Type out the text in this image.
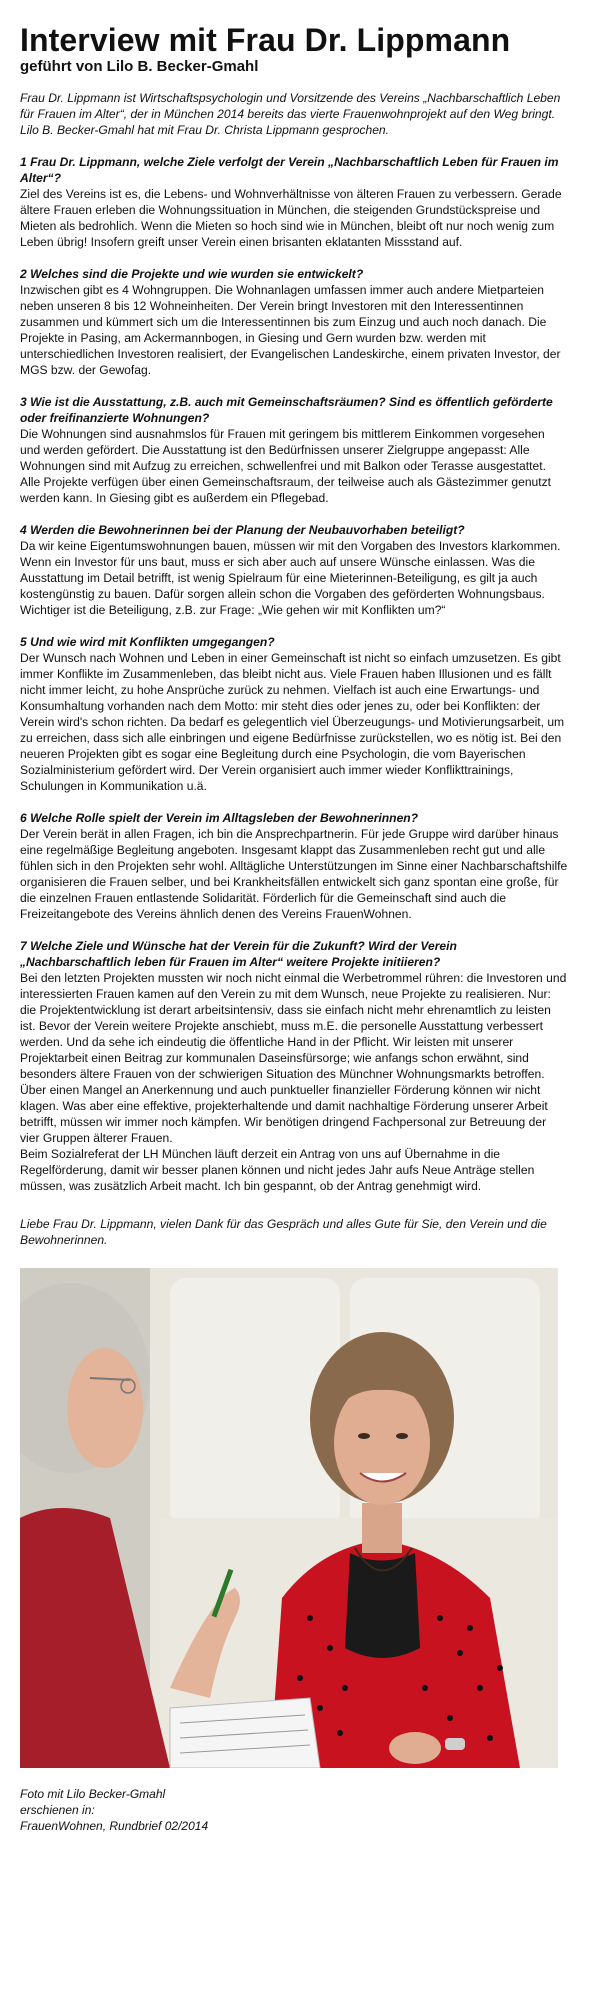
Interview mit Frau Dr. Lippmann
geführt von Lilo B. Becker-Gmahl

Frau Dr. Lippmann ist Wirtschaftspsychologin und Vorsitzende des Vereins „Nachbarschaftlich Leben für Frauen im Alter“, der in München 2014 bereits das vierte Frauenwohnprojekt auf den Weg bringt. Lilo B. Becker-Gmahl hat mit Frau Dr. Christa Lippmann gesprochen.

1 Frau Dr. Lippmann, welche Ziele verfolgt der Verein „Nachbarschaftlich Leben für Frauen im Alter“?

Ziel des Vereins ist es, die Lebens- und Wohnverhältnisse von älteren Frauen zu verbessern. Gerade ältere Frauen erleben die Wohnungssituation in München, die steigenden Grundstückspreise und Mieten als bedrohlich. Wenn die Mieten so hoch sind wie in München, bleibt oft nur noch wenig zum Leben übrig! Insofern greift unser Verein einen brisanten eklatanten Missstand auf.

2 Welches sind die Projekte und wie wurden sie entwickelt?

Inzwischen gibt es 4 Wohngruppen. Die Wohnanlagen umfassen immer auch andere Mietparteien neben unseren 8 bis 12 Wohneinheiten. Der Verein bringt Investoren mit den Interessentinnen zusammen und kümmert sich um die Interessentinnen bis zum Einzug und auch noch danach. Die Projekte in Pasing, am Ackermannbogen, in Giesing und Gern wurden bzw. werden mit unterschiedlichen Investoren realisiert, der Evangelischen Landeskirche, einem privaten Investor, der MGS bzw. der Gewofag.

3 Wie ist die Ausstattung, z.B. auch mit Gemeinschaftsräumen? Sind es öffentlich geförderte oder freifinanzierte Wohnungen?

Die Wohnungen sind ausnahmslos für Frauen mit geringem bis mittlerem Einkommen vorgesehen und werden gefördert. Die Ausstattung ist den Bedürfnissen unserer Zielgruppe angepasst: Alle Wohnungen sind mit Aufzug zu erreichen, schwellenfrei und mit Balkon oder Terasse ausgestattet. Alle Projekte verfügen über einen Gemeinschaftsraum, der teilweise auch als Gästezimmer genutzt werden kann. In Giesing gibt es außerdem ein Pflegebad.

4 Werden die Bewohnerinnen bei der Planung der Neubauvorhaben beteiligt?

Da wir keine Eigentumswohnungen bauen, müssen wir mit den Vorgaben des Investors klarkommen. Wenn ein Investor für uns baut, muss er sich aber auch auf unsere Wünsche einlassen. Was die Ausstattung im Detail betrifft, ist wenig Spielraum für eine Mieterinnen-Beteiligung, es gilt ja auch kostengünstig zu bauen. Dafür sorgen allein schon die Vorgaben des geförderten Wohnungsbaus. Wichtiger ist die Beteiligung, z.B. zur Frage: „Wie gehen wir mit Konflikten um?“

5 Und wie wird mit Konflikten umgegangen?

Der Wunsch nach Wohnen und Leben in einer Gemeinschaft ist nicht so einfach umzusetzen. Es gibt immer Konflikte im Zusammenleben, das bleibt nicht aus. Viele Frauen haben Illusionen und es fällt nicht immer leicht, zu hohe Ansprüche zurück zu nehmen. Vielfach ist auch eine Erwartungs- und Konsumhaltung vorhanden nach dem Motto: mir steht dies oder jenes zu, oder bei Konflikten: der Verein wird's schon richten. Da bedarf es gelegentlich viel Überzeugungs- und Motivierungsarbeit, um zu erreichen, dass sich alle einbringen und eigene Bedürfnisse zurückstellen, wo es nötig ist. Bei den neueren Projekten gibt es sogar eine Begleitung durch eine Psychologin, die vom Bayerischen Sozialministerium gefördert wird. Der Verein organisiert auch immer wieder Konflikttrainings, Schulungen in Kommunikation u.ä.

6 Welche Rolle spielt der Verein im Alltagsleben der Bewohnerinnen?

Der Verein berät in allen Fragen, ich bin die Ansprechpartnerin. Für jede Gruppe wird darüber hinaus eine regelmäßige Begleitung angeboten. Insgesamt klappt das Zusammenleben recht gut und alle fühlen sich in den Projekten sehr wohl. Alltägliche Unterstützungen im Sinne einer Nachbarschaftshilfe organisieren die Frauen selber, und bei Krankheitsfällen entwickelt sich ganz spontan eine große, für die einzelnen Frauen entlastende Solidarität. Förderlich für die Gemeinschaft sind auch die Freizeitangebote des Vereins ähnlich denen des Vereins FrauenWohnen.

7 Welche Ziele und Wünsche hat der Verein für die Zukunft? Wird der Verein „Nachbarschaftlich leben für Frauen im Alter“ weitere Projekte initiieren?

Bei den letzten Projekten mussten wir noch nicht einmal die Werbetrommel rühren: die Investoren und interessierten Frauen kamen auf den Verein zu mit dem Wunsch, neue Projekte zu realisieren. Nur: die Projektentwicklung ist derart arbeitsintensiv, dass sie einfach nicht mehr ehrenamtlich zu leisten ist. Bevor der Verein weitere Projekte anschiebt, muss m.E. die personelle Ausstattung verbessert werden. Und da sehe ich eindeutig die öffentliche Hand in der Pflicht. Wir leisten mit unserer Projektarbeit einen Beitrag zur kommunalen Daseinsfürsorge; wie anfangs schon erwähnt, sind besonders ältere Frauen von der schwierigen Situation des Münchner Wohnungsmarkts betroffen.

Über einen Mangel an Anerkennung und auch punktueller finanzieller Förderung können wir nicht klagen. Was aber eine effektive, projekterhaltende und damit nachhaltige Förderung unserer Arbeit betrifft, müssen wir immer noch kämpfen. Wir benötigen dringend Fachpersonal zur Betreuung der vier Gruppen älterer Frauen.

Beim Sozialreferat der LH München läuft derzeit ein Antrag von uns auf Übernahme in die Regelförderung, damit wir besser planen können und nicht jedes Jahr aufs Neue Anträge stellen müssen, was zusätzlich Arbeit macht. Ich bin gespannt, ob der Antrag genehmigt wird.

Liebe Frau Dr. Lippmann, vielen Dank für das Gespräch und alles Gute für Sie, den Verein und die Bewohnerinnen.

Foto mit Lilo Becker-Gmahl
erschienen in:
FrauenWohnen, Rundbrief 02/2014
